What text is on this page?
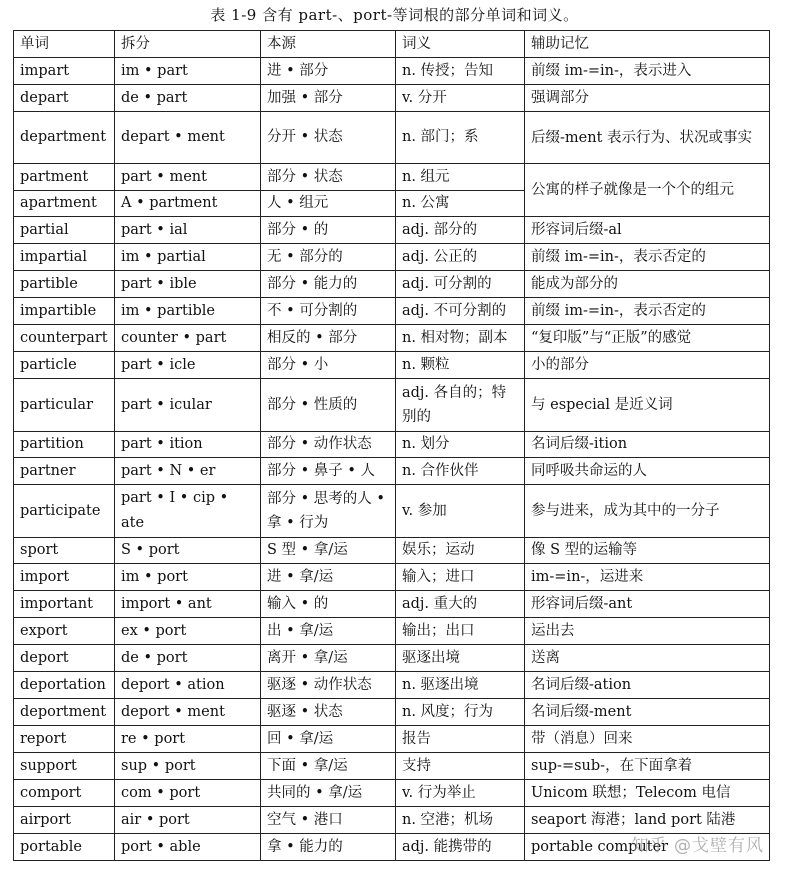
表 1-9 含有 part-、port-等词根的部分单词和词义。
单词	拆分	本源	词义	辅助记忆
impart	im • part	进 • 部分	n. 传授；告知	前缀 im-=in-，表示进入
depart	de • part	加强 • 部分	v. 分开	强调部分
department	depart • ment	分开 • 状态	n. 部门；系	后缀-ment 表示行为、状况或事实
partment	part • ment	部分 • 状态	n. 组元	公寓的样子就像是一个个的组元
apartment	A • partment	人 • 组元	n. 公寓	
partial	part • ial	部分 • 的	adj. 部分的	形容词后缀-al
impartial	im • partial	无 • 部分的	adj. 公正的	前缀 im-=in-，表示否定的
partible	part • ible	部分 • 能力的	adj. 可分割的	能成为部分的
impartible	im • partible	不 • 可分割的	adj. 不可分割的	前缀 im-=in-，表示否定的
counterpart	counter • part	相反的 • 部分	n. 相对物；副本	“复印版”与“正版”的感觉
particle	part • icle	部分 • 小	n. 颗粒	小的部分
particular	part • icular	部分 • 性质的	adj. 各自的；特别的	与 especial 是近义词
partition	part • ition	部分 • 动作状态	n. 划分	名词后缀-ition
partner	part • N • er	部分 • 鼻子 • 人	n. 合作伙伴	同呼吸共命运的人
participate	part • I • cip • ate	部分 • 思考的人 • 拿 • 行为	v. 参加	参与进来，成为其中的一分子
sport	S • port	S 型 • 拿/运	娱乐；运动	像 S 型的运输等
import	im • port	进 • 拿/运	输入；进口	im-=in-，运进来
important	import • ant	输入 • 的	adj. 重大的	形容词后缀-ant
export	ex • port	出 • 拿/运	输出；出口	运出去
deport	de • port	离开 • 拿/运	驱逐出境	送离
deportation	deport • ation	驱逐 • 动作状态	n. 驱逐出境	名词后缀-ation
deportment	deport • ment	驱逐 • 状态	n. 风度；行为	名词后缀-ment
report	re • port	回 • 拿/运	报告	带（消息）回来
support	sup • port	下面 • 拿/运	支持	sup-=sub-，在下面拿着
comport	com • port	共同的 • 拿/运	v. 行为举止	Unicom 联想；Telecom 电信
airport	air • port	空气 • 港口	n. 空港；机场	seaport 海港；land port 陆港
portable	port • able	拿 • 能力的	adj. 能携带的	portable computer
知乎 @戈壁有风
